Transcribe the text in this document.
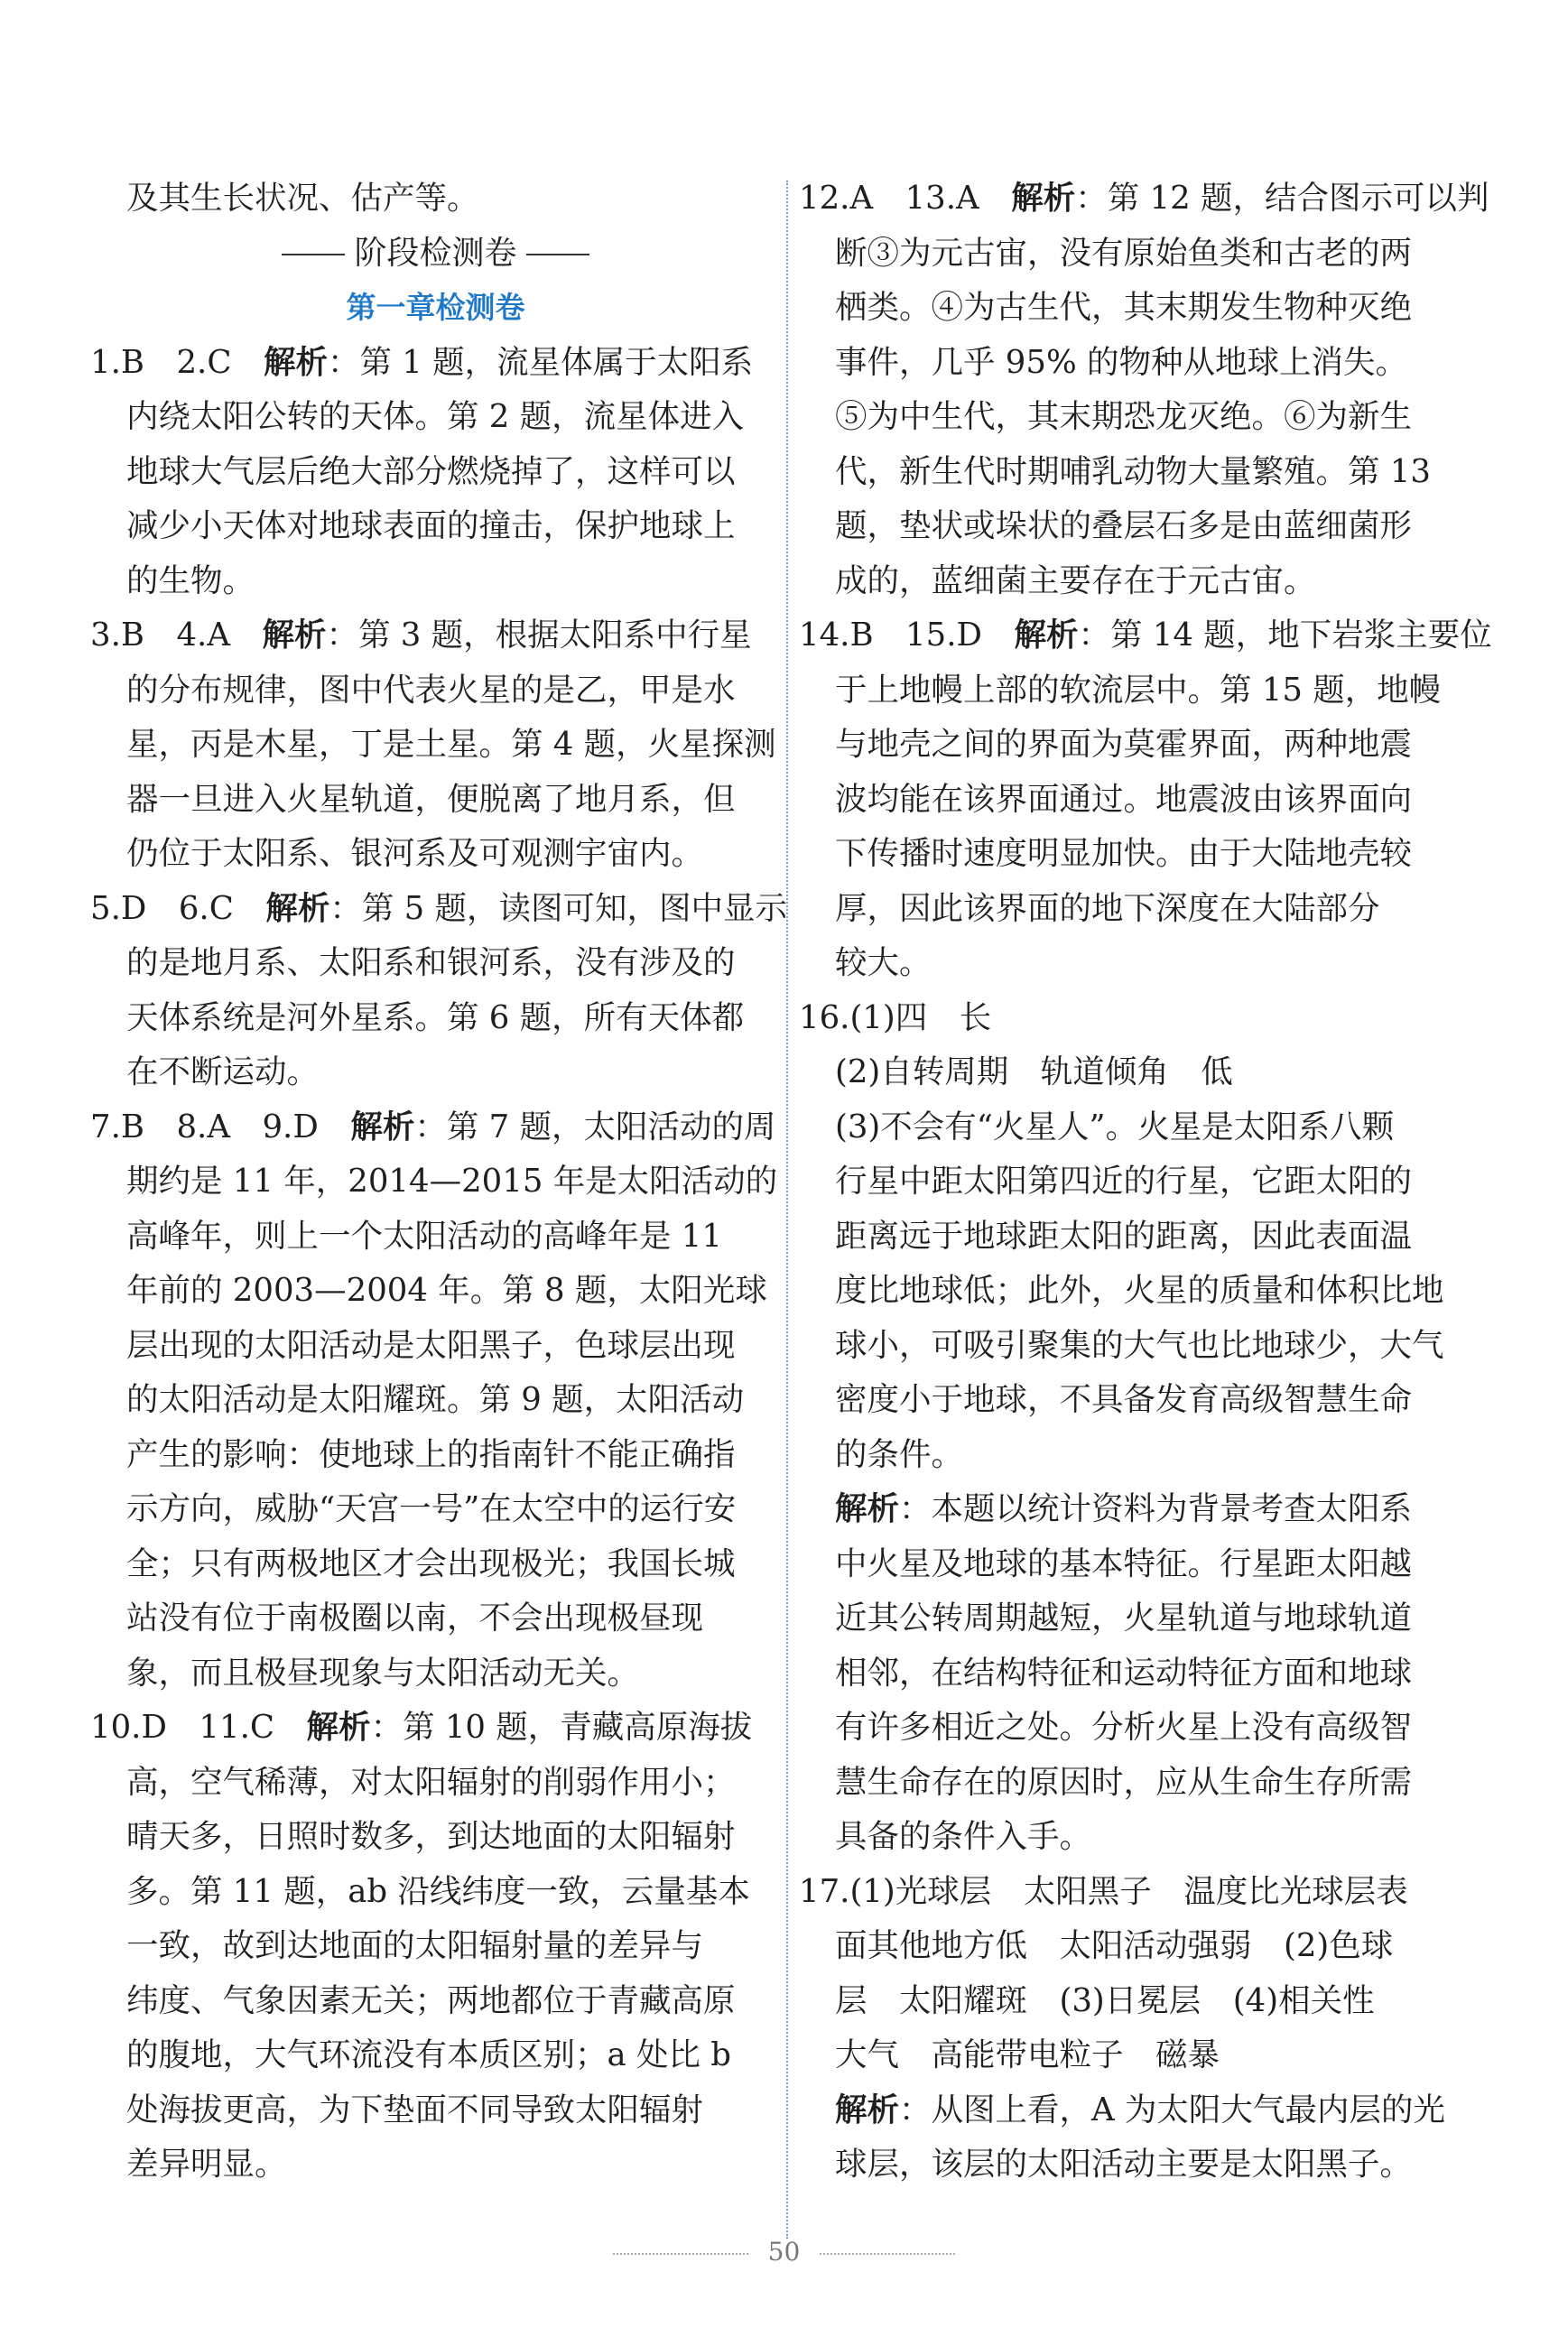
及其生长状况、估产等。
阶段检测卷
第一章检测卷
1.B　2.C　解析：第 1 题，流星体属于太阳系
内绕太阳公转的天体。第 2 题，流星体进入
地球大气层后绝大部分燃烧掉了，这样可以
减少小天体对地球表面的撞击，保护地球上
的生物。
3.B　4.A　解析：第 3 题，根据太阳系中行星
的分布规律，图中代表火星的是乙，甲是水
星，丙是木星，丁是土星。第 4 题，火星探测
器一旦进入火星轨道，便脱离了地月系，但
仍位于太阳系、银河系及可观测宇宙内。
5.D　6.C　解析：第 5 题，读图可知，图中显示
的是地月系、太阳系和银河系，没有涉及的
天体系统是河外星系。第 6 题，所有天体都
在不断运动。
7.B　8.A　9.D　解析：第 7 题，太阳活动的周
期约是 11 年，2014—2015 年是太阳活动的
高峰年，则上一个太阳活动的高峰年是 11
年前的 2003—2004 年。第 8 题，太阳光球
层出现的太阳活动是太阳黑子，色球层出现
的太阳活动是太阳耀斑。第 9 题，太阳活动
产生的影响：使地球上的指南针不能正确指
示方向，威胁“天宫一号”在太空中的运行安
全；只有两极地区才会出现极光；我国长城
站没有位于南极圈以南，不会出现极昼现
象，而且极昼现象与太阳活动无关。
10.D　11.C　解析：第 10 题，青藏高原海拔
高，空气稀薄，对太阳辐射的削弱作用小；
晴天多，日照时数多，到达地面的太阳辐射
多。第 11 题，ab 沿线纬度一致，云量基本
一致，故到达地面的太阳辐射量的差异与
纬度、气象因素无关；两地都位于青藏高原
的腹地，大气环流没有本质区别；a 处比 b
处海拔更高，为下垫面不同导致太阳辐射
差异明显。
12.A　13.A　解析：第 12 题，结合图示可以判
断③为元古宙，没有原始鱼类和古老的两
栖类。④为古生代，其末期发生物种灭绝
事件，几乎 95% 的物种从地球上消失。
⑤为中生代，其末期恐龙灭绝。⑥为新生
代，新生代时期哺乳动物大量繁殖。第 13
题，垫状或垛状的叠层石多是由蓝细菌形
成的，蓝细菌主要存在于元古宙。
14.B　15.D　解析：第 14 题，地下岩浆主要位
于上地幔上部的软流层中。第 15 题，地幔
与地壳之间的界面为莫霍界面，两种地震
波均能在该界面通过。地震波由该界面向
下传播时速度明显加快。由于大陆地壳较
厚，因此该界面的地下深度在大陆部分
较大。
16.(1)四　长
(2)自转周期　轨道倾角　低
(3)不会有“火星人”。火星是太阳系八颗
行星中距太阳第四近的行星，它距太阳的
距离远于地球距太阳的距离，因此表面温
度比地球低；此外，火星的质量和体积比地
球小，可吸引聚集的大气也比地球少，大气
密度小于地球，不具备发育高级智慧生命
的条件。
解析：本题以统计资料为背景考查太阳系
中火星及地球的基本特征。行星距太阳越
近其公转周期越短，火星轨道与地球轨道
相邻，在结构特征和运动特征方面和地球
有许多相近之处。分析火星上没有高级智
慧生命存在的原因时，应从生命生存所需
具备的条件入手。
17.(1)光球层　太阳黑子　温度比光球层表
面其他地方低　太阳活动强弱　(2)色球
层　太阳耀斑　(3)日冕层　(4)相关性
大气　高能带电粒子　磁暴
解析：从图上看，A 为太阳大气最内层的光
球层，该层的太阳活动主要是太阳黑子。
50
